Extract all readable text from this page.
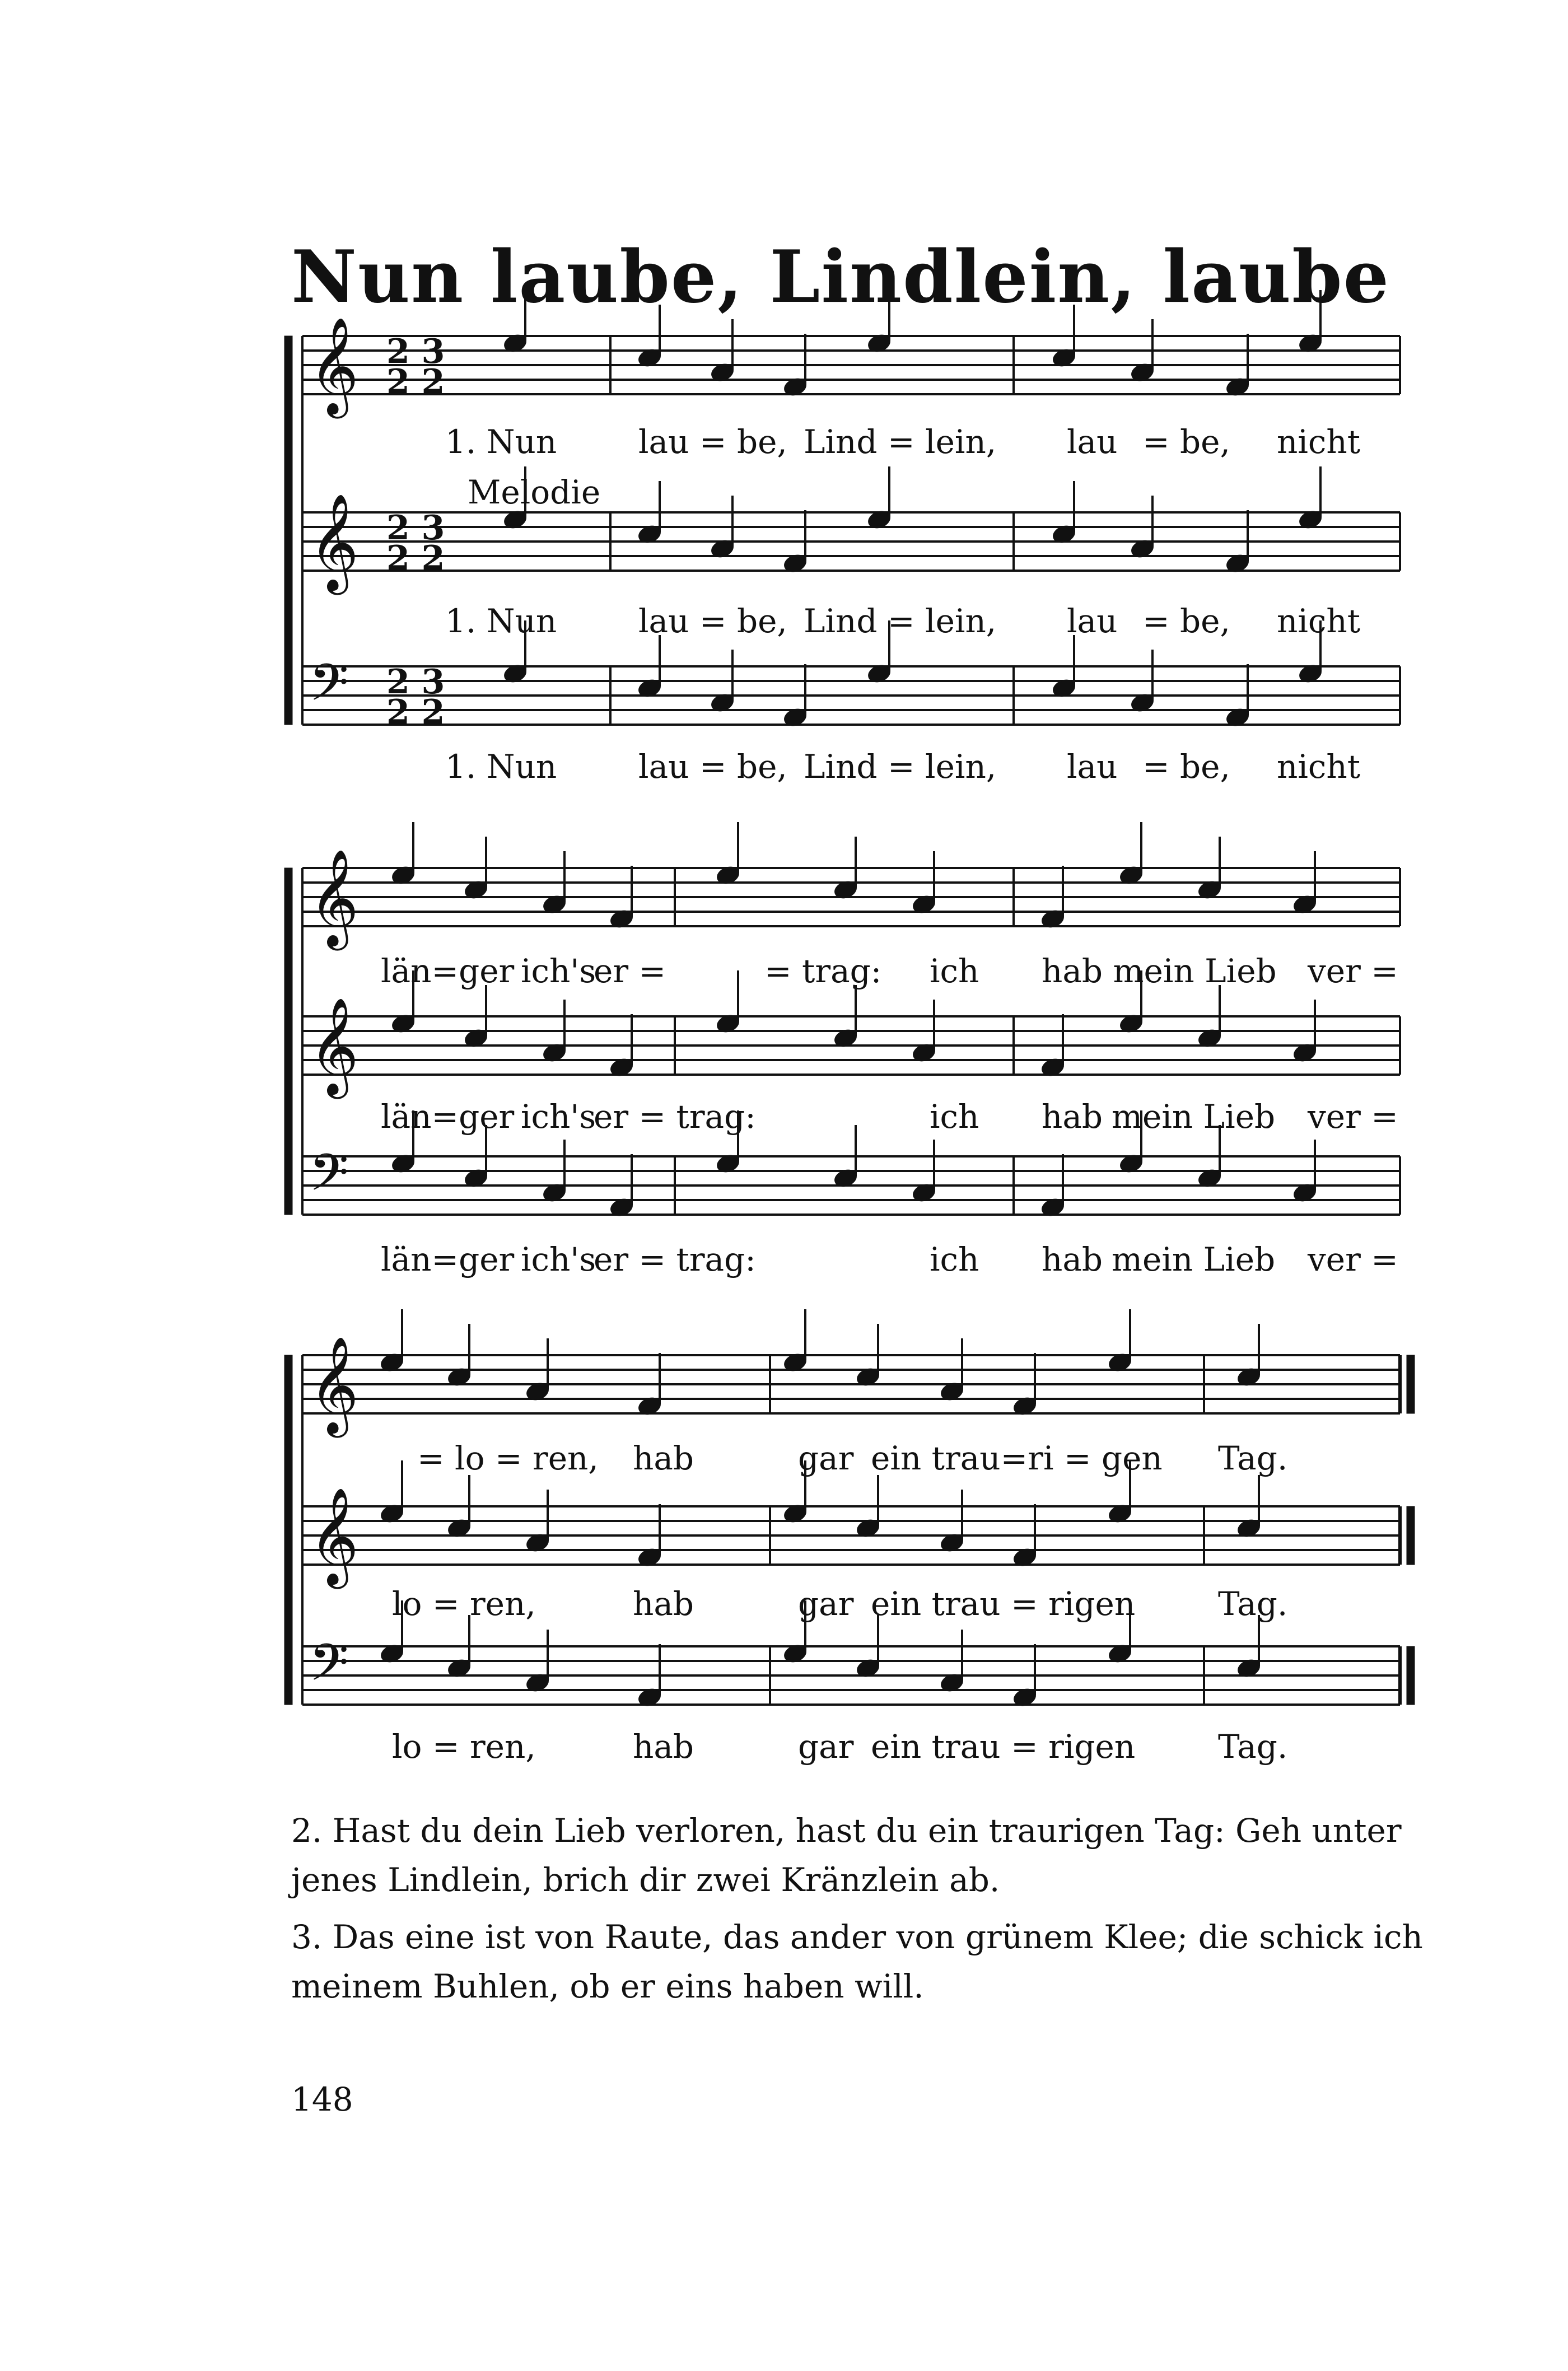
Nun laube, Lindlein, laube
𝄞 2 3
2 2
𝄞 2 3
2 2
𝄢 2 3
2 2
𝄞
𝄞
𝄢
𝄞
𝄞
𝄢
Melodie
1. Nun	lau = be, Lind = lein, lau = be, nicht
1. Nun	lau = be, Lind = lein, lau = be, nicht
1. Nun	lau = be, Lind = lein, lau = be, nicht
län=ger ich's
er =	= trag: ich hab mein Lieb ver =
län=ger ich's
er = trag:	ich hab mein Lieb ver =
län=ger ich's
er = trag:	ich hab mein Lieb ver =
= lo = ren, hab	gar ein trau=ri = gen Tag.
lo = ren,	hab	gar ein trau = rigen	Tag.
lo = ren,	hab	gar ein trau = rigen	Tag.
2. Hast du dein Lieb verloren, hast du ein traurigen Tag: Geh unter jenes Lindlein, brich dir zwei Kränzlein ab.
3. Das eine ist von Raute, das ander von grünem Klee; die schick ich meinem Buhlen, ob er eins haben will.
148
